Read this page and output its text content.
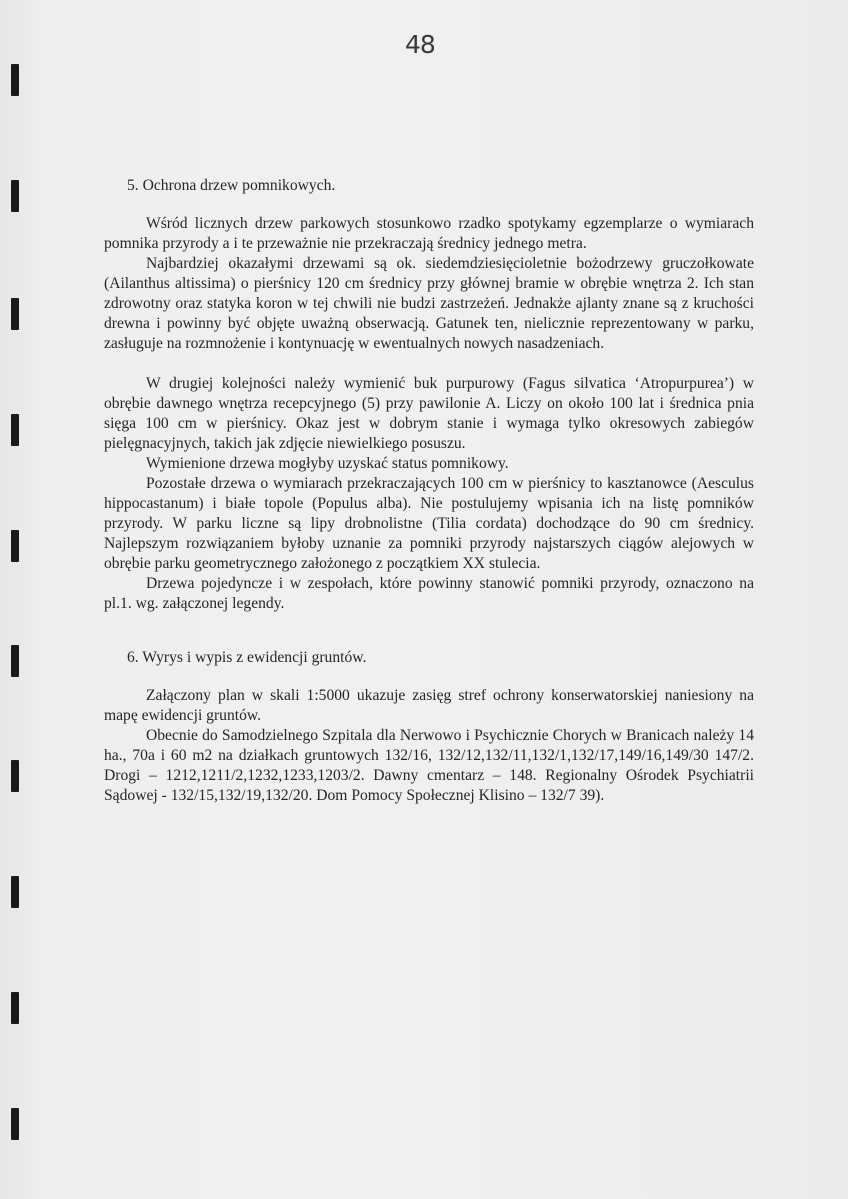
48
5. Ochrona drzew pomnikowych.
Wśród licznych drzew parkowych stosunkowo rzadko spotykamy egzemplarze o wymiarach pomnika przyrody a i te przeważnie nie przekraczają średnicy jednego metra.
Najbardziej okazałymi drzewami są ok. siedemdziesięcioletnie bożodrzewy gruczołkowate (Ailanthus altissima) o pierśnicy 120 cm średnicy przy głównej bramie w obrębie wnętrza 2. Ich stan zdrowotny oraz statyka koron w tej chwili nie budzi zastrzeżeń. Jednakże ajlanty znane są z kruchości drewna i powinny być objęte uważną obserwacją. Gatunek ten, nielicznie reprezentowany w parku, zasługuje na rozmnożenie i kontynuację w ewentualnych nowych nasadzeniach.
W drugiej kolejności należy wymienić buk purpurowy (Fagus silvatica ‘Atropurpurea’) w obrębie dawnego wnętrza recepcyjnego (5) przy pawilonie A. Liczy on około 100 lat i średnica pnia sięga 100 cm w pierśnicy. Okaz jest w dobrym stanie i wymaga tylko okresowych zabiegów pielęgnacyjnych, takich jak zdjęcie niewielkiego posuszu.
Wymienione drzewa mogłyby uzyskać status pomnikowy.
Pozostałe drzewa o wymiarach przekraczających 100 cm w pierśnicy to kasztanowce (Aesculus hippocastanum) i białe topole (Populus alba). Nie postulujemy wpisania ich na listę pomników przyrody. W parku liczne są lipy drobnolistne (Tilia cordata) dochodzące do 90 cm średnicy. Najlepszym rozwiązaniem byłoby uznanie za pomniki przyrody najstarszych ciągów alejowych w obrębie parku geometrycznego założonego z początkiem XX stulecia.
Drzewa pojedyncze i w zespołach, które powinny stanowić pomniki przyrody, oznaczono na pl.1. wg. załączonej legendy.
6. Wyrys i wypis z ewidencji gruntów.
Załączony plan w skali 1:5000 ukazuje zasięg stref ochrony konserwatorskiej naniesiony na mapę ewidencji gruntów.
Obecnie do Samodzielnego Szpitala dla Nerwowo i Psychicznie Chorych w Branicach należy 14 ha., 70a i 60 m2 na działkach gruntowych 132/16, 132/12,132/11,132/1,132/17,149/16,149/30 147/2. Drogi – 1212,1211/2,1232,1233,1203/2. Dawny cmentarz – 148. Regionalny Ośrodek Psychiatrii Sądowej - 132/15,132/19,132/20. Dom Pomocy Społecznej Klisino – 132/7 39).
